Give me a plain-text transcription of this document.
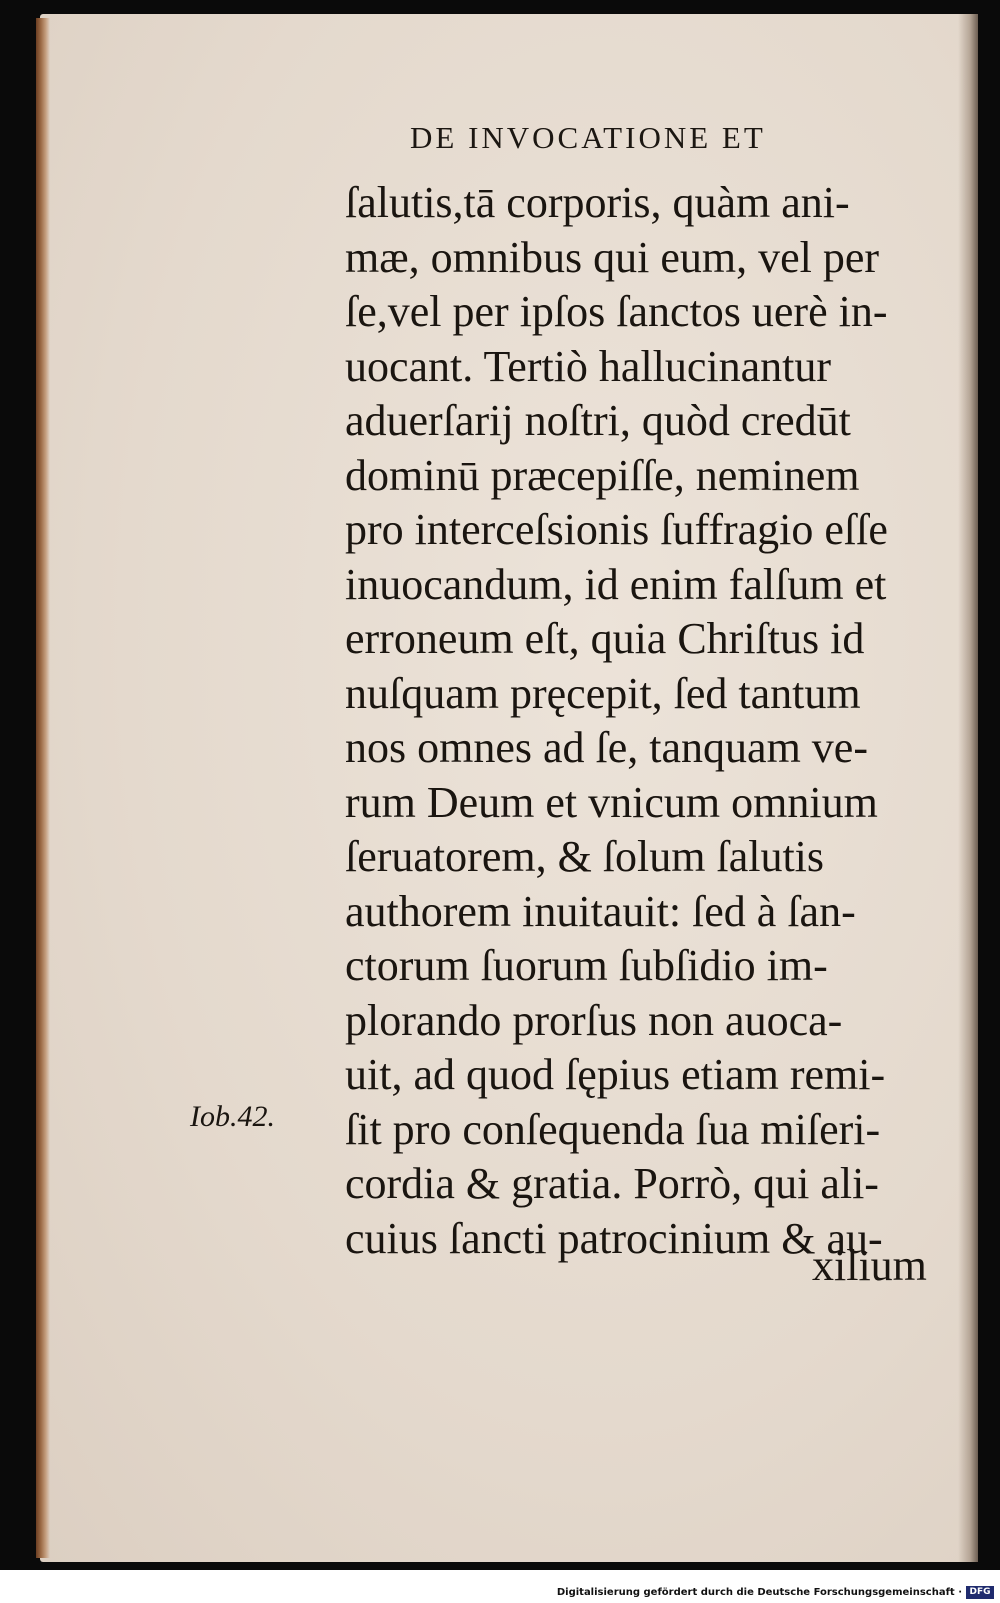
DE INVOCATIONE ET
ſalutis,tā corporis, quàm ani-
mæ, omnibus qui eum, vel per
ſe,vel per ipſos ſanctos uerè in-
uocant. Tertiò hallucinantur
aduerſarij noſtri, quòd credūt
dominū præcepiſſe, neminem
pro interceſsionis ſuffragio eſſe
inuocandum, id enim falſum et
erroneum eſt, quia Chriſtus id
nuſquam pręcepit, ſed tantum
nos omnes ad ſe, tanquam ve-
rum Deum et vnicum omnium
ſeruatorem, & ſolum ſalutis
authorem inuitauit: ſed à ſan-
ctorum ſuorum ſubſidio im-
plorando prorſus non auoca-
uit, ad quod ſępius etiam remi-
ſit pro conſequenda ſua miſeri-
cordia & gratia. Porrò, qui ali-
cuius ſancti patrocinium & au-
Iob.42.
xilium
Digitalisierung gefördert durch die Deutsche Forschungsgemeinschaft · DFG
